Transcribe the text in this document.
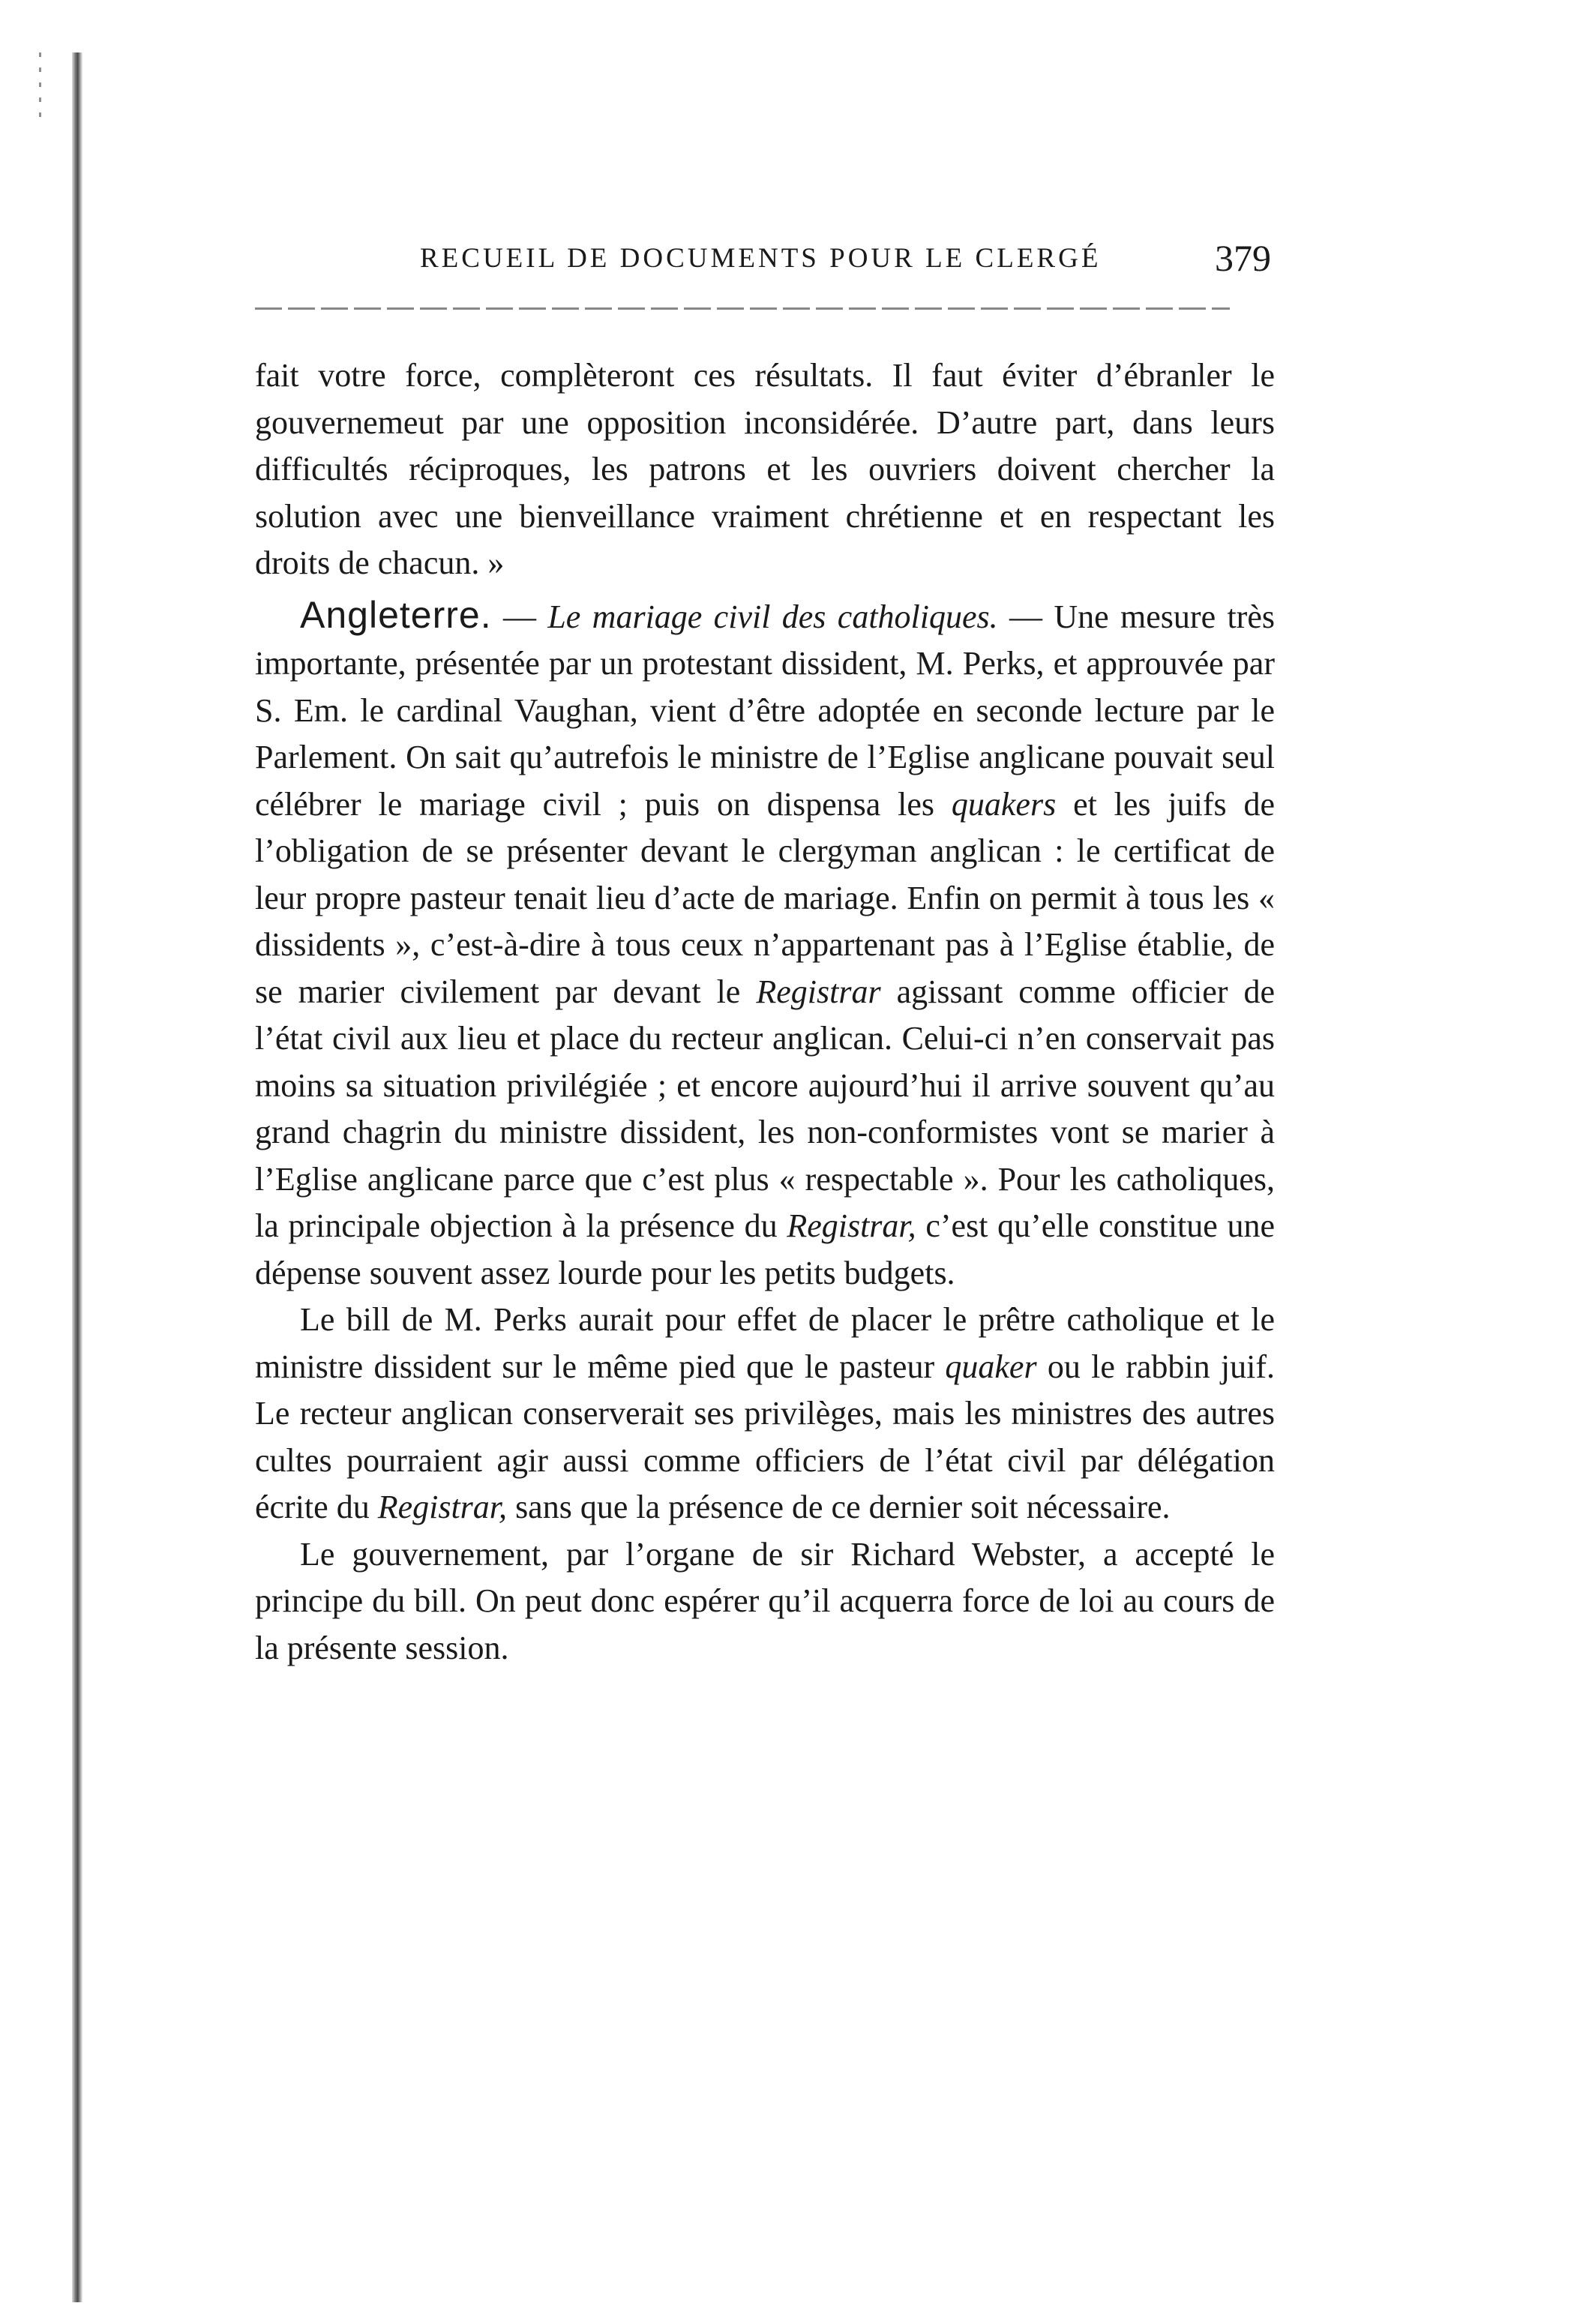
RECUEIL DE DOCUMENTS POUR LE CLERGÉ	379

fait votre force, complèteront ces résultats. Il faut éviter d’ébranler le gouvernemeut par une opposition inconsidérée. D’autre part, dans leurs difficultés réciproques, les patrons et les ouvriers doivent chercher la solution avec une bienveillance vraiment chrétienne et en respectant les droits de chacun. »

Angleterre. — Le mariage civil des catholiques. — Une mesure très importante, présentée par un protestant dissident, M. Perks, et approuvée par S. Em. le cardinal Vaughan, vient d’être adoptée en seconde lecture par le Parlement. On sait qu’autrefois le ministre de l’Eglise anglicane pouvait seul célébrer le mariage civil ; puis on dispensa les quakers et les juifs de l’obligation de se présenter devant le clergyman anglican : le certificat de leur propre pasteur tenait lieu d’acte de mariage. Enfin on permit à tous les « dissidents », c’est-à-dire à tous ceux n’appartenant pas à l’Eglise établie, de se marier civilement par devant le Registrar agissant comme officier de l’état civil aux lieu et place du recteur anglican. Celui-ci n’en conservait pas moins sa situation privilégiée ; et encore aujourd’hui il arrive souvent qu’au grand chagrin du ministre dissident, les non-conformistes vont se marier à l’Eglise anglicane parce que c’est plus « respectable ». Pour les catholiques, la principale objection à la présence du Registrar, c’est qu’elle constitue une dépense souvent assez lourde pour les petits budgets.

Le bill de M. Perks aurait pour effet de placer le prêtre catholique et le ministre dissident sur le même pied que le pasteur quaker ou le rabbin juif. Le recteur anglican conserverait ses privilèges, mais les ministres des autres cultes pourraient agir aussi comme officiers de l’état civil par délégation écrite du Registrar, sans que la présence de ce dernier soit nécessaire.

Le gouvernement, par l’organe de sir Richard Webster, a accepté le principe du bill. On peut donc espérer qu’il acquerra force de loi au cours de la présente session.
